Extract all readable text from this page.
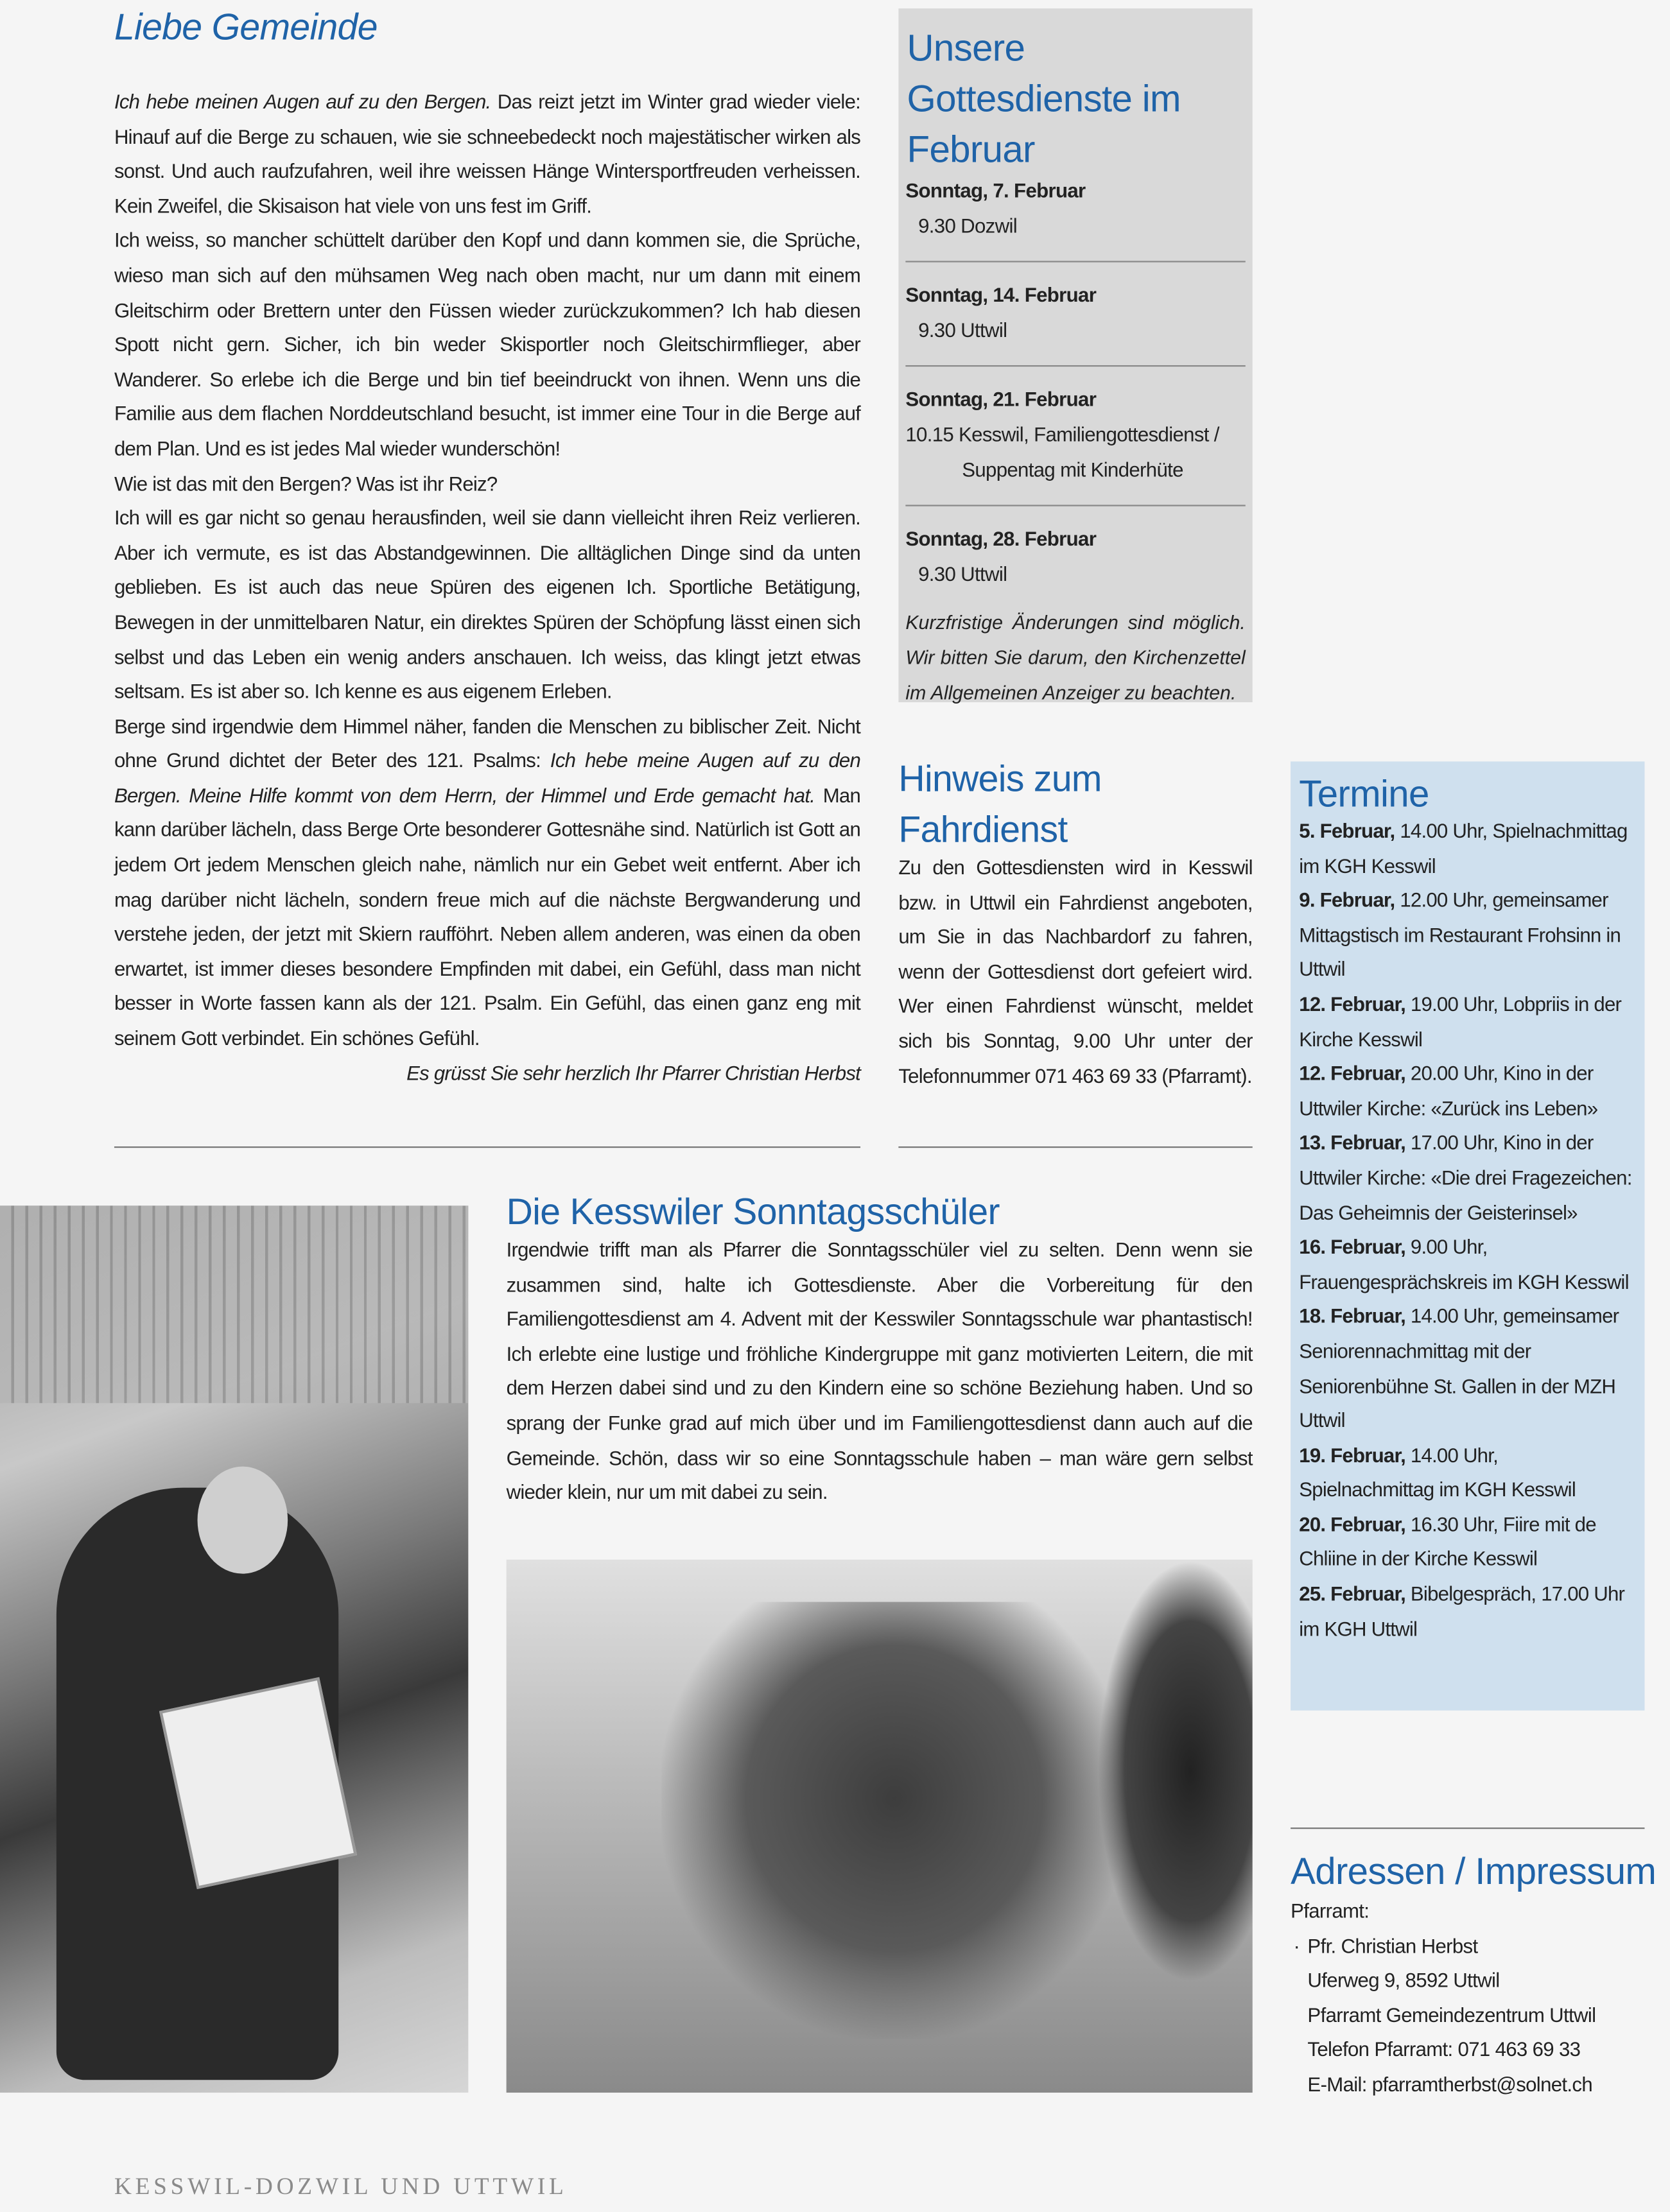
Liebe Gemeinde

Ich hebe meinen Augen auf zu den Bergen. Das reizt jetzt im Winter grad wieder viele: Hinauf auf die Berge zu schauen, wie sie schneebedeckt noch majestätischer wirken als sonst. Und auch raufzufahren, weil ihre weissen Hänge Wintersportfreuden verheissen. Kein Zweifel, die Skisaison hat viele von uns fest im Griff.

Ich weiss, so mancher schüttelt darüber den Kopf und dann kommen sie, die Sprüche, wieso man sich auf den mühsamen Weg nach oben macht, nur um dann mit einem Gleitschirm oder Brettern unter den Füssen wieder zurückzukommen? Ich hab diesen Spott nicht gern. Sicher, ich bin weder Skisportler noch Gleitschirmflieger, aber Wanderer. So erlebe ich die Berge und bin tief beeindruckt von ihnen. Wenn uns die Familie aus dem flachen Norddeutschland besucht, ist immer eine Tour in die Berge auf dem Plan. Und es ist jedes Mal wieder wunderschön!

Wie ist das mit den Bergen? Was ist ihr Reiz?

Ich will es gar nicht so genau herausfinden, weil sie dann vielleicht ihren Reiz verlieren. Aber ich vermute, es ist das Abstandgewinnen. Die alltäglichen Dinge sind da unten geblieben. Es ist auch das neue Spüren des eigenen Ich. Sportliche Betätigung, Bewegen in der unmittelbaren Natur, ein direktes Spüren der Schöpfung lässt einen sich selbst und das Leben ein wenig anders anschauen. Ich weiss, das klingt jetzt etwas seltsam. Es ist aber so. Ich kenne es aus eigenem Erleben.

Berge sind irgendwie dem Himmel näher, fanden die Menschen zu biblischer Zeit. Nicht ohne Grund dichtet der Beter des 121. Psalms: Ich hebe meine Augen auf zu den Bergen. Meine Hilfe kommt von dem Herrn, der Himmel und Erde gemacht hat. Man kann darüber lächeln, dass Berge Orte besonderer Gottesnähe sind. Natürlich ist Gott an jedem Ort jedem Menschen gleich nahe, nämlich nur ein Gebet weit entfernt. Aber ich mag darüber nicht lächeln, sondern freue mich auf die nächste Bergwanderung und verstehe jeden, der jetzt mit Skiern raufföhrt. Neben allem anderen, was einen da oben erwartet, ist immer dieses besondere Empfinden mit dabei, ein Gefühl, dass man nicht besser in Worte fassen kann als der 121. Psalm. Ein Gefühl, das einen ganz eng mit seinem Gott verbindet. Ein schönes Gefühl.

Es grüsst Sie sehr herzlich Ihr Pfarrer Christian Herbst
Unsere Gottesdienste im Februar
Sonntag, 7. Februar
9.30 Dozwil
Sonntag, 14. Februar
9.30 Uttwil
Sonntag, 21. Februar
10.15 Kesswil, Familiengottesdienst /
Suppentag mit Kinderhüte
Sonntag, 28. Februar
9.30 Uttwil
Kurzfristige Änderungen sind möglich. Wir bitten Sie darum, den Kirchenzettel im Allgemeinen Anzeiger zu beachten.
Hinweis zum Fahrdienst
Zu den Gottesdiensten wird in Kesswil bzw. in Uttwil ein Fahrdienst angeboten, um Sie in das Nachbardorf zu fahren, wenn der Gottesdienst dort gefeiert wird. Wer einen Fahrdienst wünscht, meldet sich bis Sonntag, 9.00 Uhr unter der Telefonnummer 071 463 69 33 (Pfarramt).
Termine
5. Februar, 14.00 Uhr, Spielnachmittag im KGH Kesswil
9. Februar, 12.00 Uhr, gemeinsamer Mittagstisch im Restaurant Frohsinn in Uttwil
12. Februar, 19.00 Uhr, Lobpriis in der Kirche Kesswil
12. Februar, 20.00 Uhr, Kino in der Uttwiler Kirche: «Zurück ins Leben»
13. Februar, 17.00 Uhr, Kino in der Uttwiler Kirche: «Die drei Fragezeichen: Das Geheimnis der Geisterinsel»
16. Februar, 9.00 Uhr, Frauengesprächskreis im KGH Kesswil
18. Februar, 14.00 Uhr, gemeinsamer Seniorennachmittag mit der Seniorenbühne St. Gallen in der MZH Uttwil
19. Februar, 14.00 Uhr, Spielnachmittag im KGH Kesswil
20. Februar, 16.30 Uhr, Fiire mit de Chliine in der Kirche Kesswil
25. Februar, Bibelgespräch, 17.00 Uhr im KGH Uttwil
Adressen / Impressum
Pfarramt:
· Pfr. Christian Herbst
Uferweg 9, 8592 Uttwil
Pfarramt Gemeindezentrum Uttwil
Telefon Pfarramt: 071 463 69 33
E-Mail: pfarramtherbst@solnet.ch
Die Kesswiler Sonntagsschüler
Irgendwie trifft man als Pfarrer die Sonntagsschüler viel zu selten. Denn wenn sie zusammen sind, halte ich Gottesdienste. Aber die Vorbereitung für den Familiengottesdienst am 4. Advent mit der Kesswiler Sonntagsschule war phantastisch! Ich erlebte eine lustige und fröhliche Kindergruppe mit ganz motivierten Leitern, die mit dem Herzen dabei sind und zu den Kindern eine so schöne Beziehung haben. Und so sprang der Funke grad auf mich über und im Familiengottesdienst dann auch auf die Gemeinde. Schön, dass wir so eine Sonntagsschule haben – man wäre gern selbst wieder klein, nur um mit dabei zu sein.
KESSWIL-DOZWIL UND UTTWIL
